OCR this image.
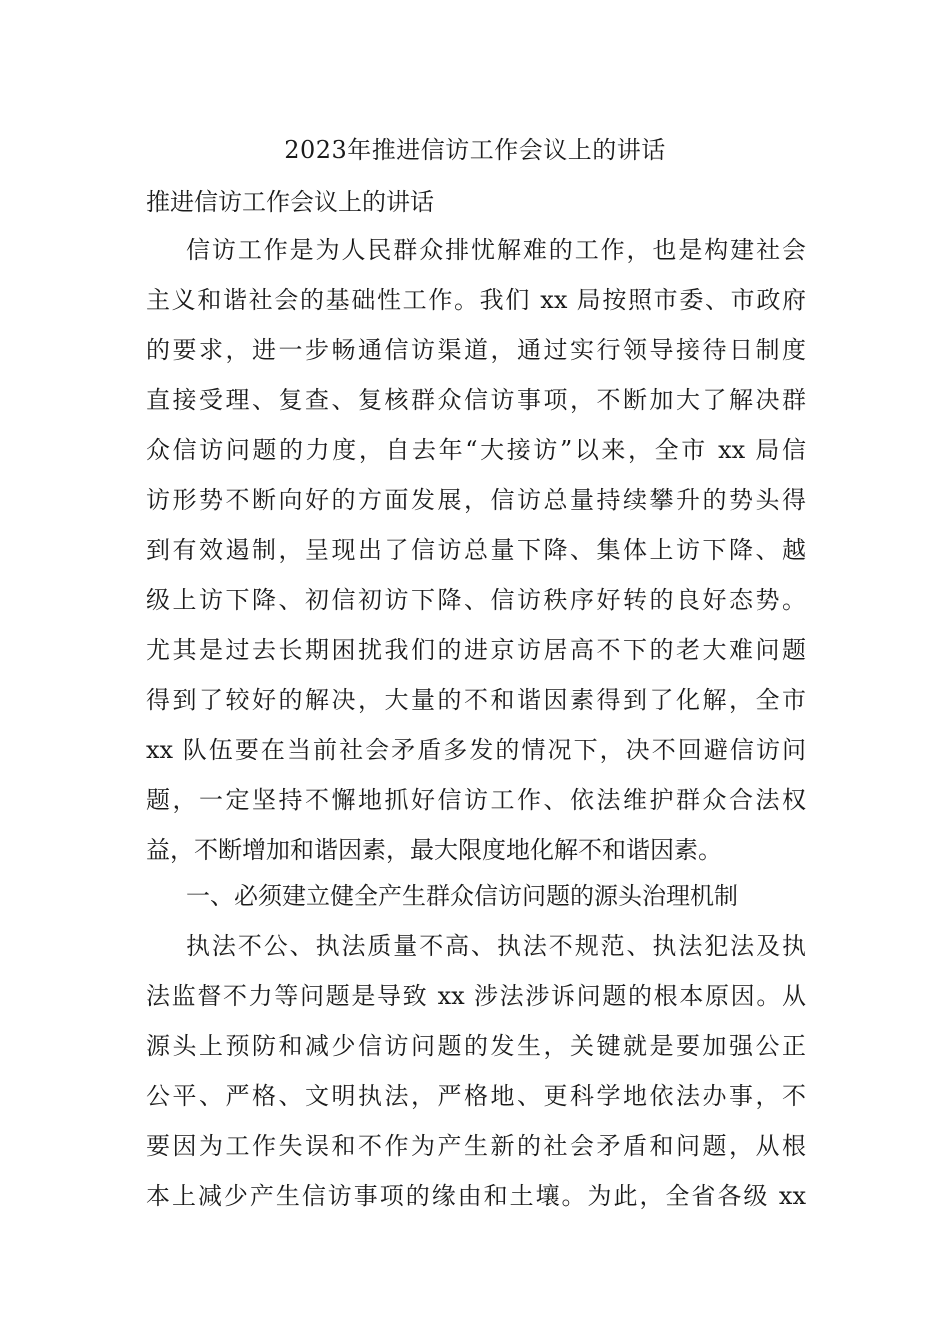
2023年推进信访工作会议上的讲话
推进信访工作会议上的讲话
信访工作是为人民群众排忧解难的工作，也是构建社会
主义和谐社会的基础性工作。我们 xx 局按照市委、市政府
的要求，进一步畅通信访渠道，通过实行领导接待日制度
直接受理、复查、复核群众信访事项，不断加大了解决群
众信访问题的力度，自去年“大接访”以来，全市 xx 局信
访形势不断向好的方面发展，信访总量持续攀升的势头得
到有效遏制，呈现出了信访总量下降、集体上访下降、越
级上访下降、初信初访下降、信访秩序好转的良好态势。
尤其是过去长期困扰我们的进京访居高不下的老大难问题
得到了较好的解决，大量的不和谐因素得到了化解，全市
xx 队伍要在当前社会矛盾多发的情况下，决不回避信访问
题，一定坚持不懈地抓好信访工作、依法维护群众合法权
益，不断增加和谐因素，最大限度地化解不和谐因素。
一、必须建立健全产生群众信访问题的源头治理机制
执法不公、执法质量不高、执法不规范、执法犯法及执
法监督不力等问题是导致 xx 涉法涉诉问题的根本原因。从
源头上预防和减少信访问题的发生，关键就是要加强公正
公平、严格、文明执法，严格地、更科学地依法办事，不
要因为工作失误和不作为产生新的社会矛盾和问题，从根
本上减少产生信访事项的缘由和土壤。为此，全省各级 xx
